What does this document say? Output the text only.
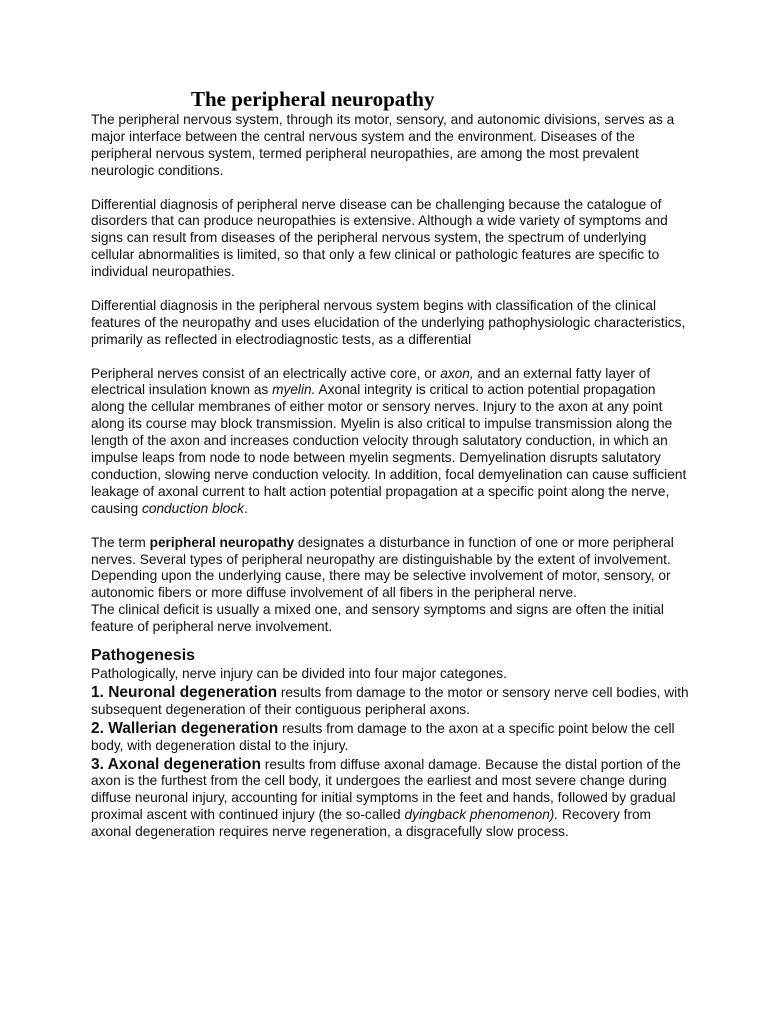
The peripheral neuropathy

The peripheral nervous system, through its motor, sensory, and autonomic divisions, serves as a major interface between the central nervous system and the environment. Diseases of the peripheral nervous system, termed peripheral neuropathies, are among the most prevalent neurologic conditions.

Differential diagnosis of peripheral nerve disease can be challenging because the catalogue of disorders that can produce neuropathies is extensive. Although a wide variety of symptoms and signs can result from diseases of the peripheral nervous system, the spectrum of underlying cellular abnormalities is limited, so that only a few clinical or pathologic features are specific to individual neuropathies.

Differential diagnosis in the peripheral nervous system begins with classification of the clinical features of the neuropathy and uses elucidation of the underlying pathophysiologic characteristics, primarily as reflected in electrodiagnostic tests, as a differential

Peripheral nerves consist of an electrically active core, or axon, and an external fatty layer of electrical insulation known as myelin. Axonal integrity is critical to action potential propagation along the cellular membranes of either motor or sensory nerves. Injury to the axon at any point along its course may block transmission. Myelin is also critical to impulse transmission along the length of the axon and increases conduction velocity through salutatory conduction, in which an impulse leaps from node to node between myelin segments. Demyelination disrupts salutatory conduction, slowing nerve conduction velocity. In addition, focal demyelination can cause sufficient leakage of axonal current to halt action potential propagation at a specific point along the nerve, causing conduction block.

The term peripheral neuropathy designates a disturbance in function of one or more peripheral nerves. Several types of peripheral neuropathy are distinguishable by the extent of involvement.

Depending upon the underlying cause, there may be selective involvement of motor, sensory, or autonomic fibers or more diffuse involvement of all fibers in the peripheral nerve.

The clinical deficit is usually a mixed one, and sensory symptoms and signs are often the initial feature of peripheral nerve involvement.

Pathogenesis

Pathologically, nerve injury can be divided into four major categones.

1. Neuronal degeneration results from damage to the motor or sensory nerve cell bodies, with subsequent degeneration of their contiguous peripheral axons.

2. Wallerian degeneration results from damage to the axon at a specific point below the cell body, with degeneration distal to the injury.

3. Axonal degeneration results from diffuse axonal damage. Because the distal portion of the axon is the furthest from the cell body, it undergoes the earliest and most severe change during diffuse neuronal injury, accounting for initial symptoms in the feet and hands, followed by gradual proximal ascent with continued injury (the so-called dyingback phenomenon). Recovery from axonal degeneration requires nerve regeneration, a disgracefully slow process.
